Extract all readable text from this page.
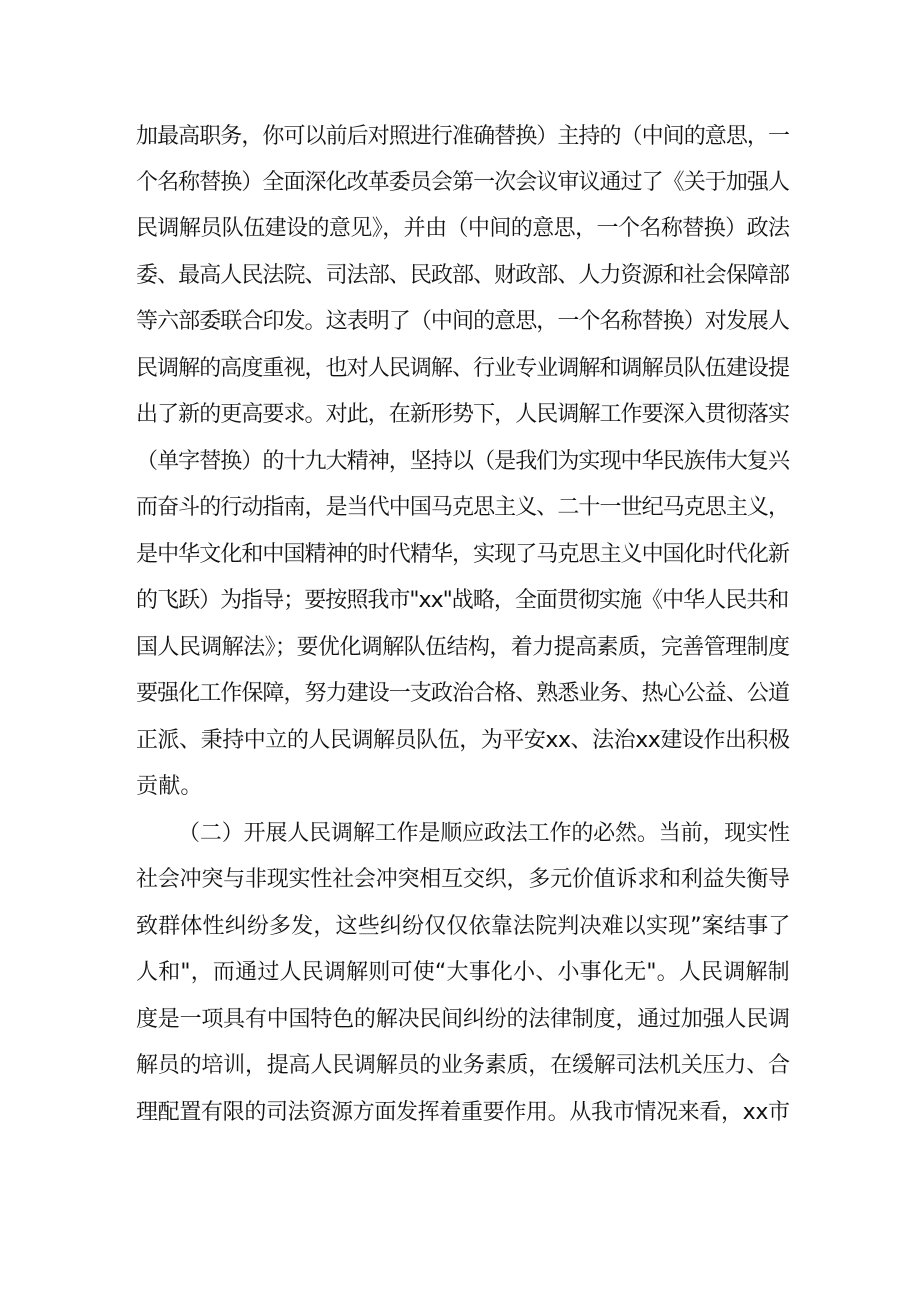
加最高职务，你可以前后对照进行准确替换）主持的（中间的意思，一
个名称替换）全面深化改革委员会第一次会议审议通过了《关于加强人
民调解员队伍建设的意见》，并由（中间的意思，一个名称替换）政法
委、最高人民法院、司法部、民政部、财政部、人力资源和社会保障部
等六部委联合印发。这表明了（中间的意思，一个名称替换）对发展人
民调解的高度重视，也对人民调解、行业专业调解和调解员队伍建设提
出了新的更高要求。对此，在新形势下，人民调解工作要深入贯彻落实
（单字替换）的十九大精神，坚持以（是我们为实现中华民族伟大复兴
而奋斗的行动指南，是当代中国马克思主义、二十一世纪马克思主义，
是中华文化和中国精神的时代精华，实现了马克思主义中国化时代化新
的飞跃）为指导；要按照我市"xx"战略，全面贯彻实施《中华人民共和
国人民调解法》；要优化调解队伍结构，着力提高素质，完善管理制度
要强化工作保障，努力建设一支政治合格、熟悉业务、热心公益、公道
正派、秉持中立的人民调解员队伍，为平安xx、法治xx建设作出积极
贡献。
（二）开展人民调解工作是顺应政法工作的必然。当前，现实性
社会冲突与非现实性社会冲突相互交织，多元价值诉求和利益失衡导
致群体性纠纷多发，这些纠纷仅仅依靠法院判决难以实现”案结事了
人和"，而通过人民调解则可使“大事化小、小事化无"。人民调解制
度是一项具有中国特色的解决民间纠纷的法律制度，通过加强人民调
解员的培训，提高人民调解员的业务素质，在缓解司法机关压力、合
理配置有限的司法资源方面发挥着重要作用。从我市情况来看，xx市
